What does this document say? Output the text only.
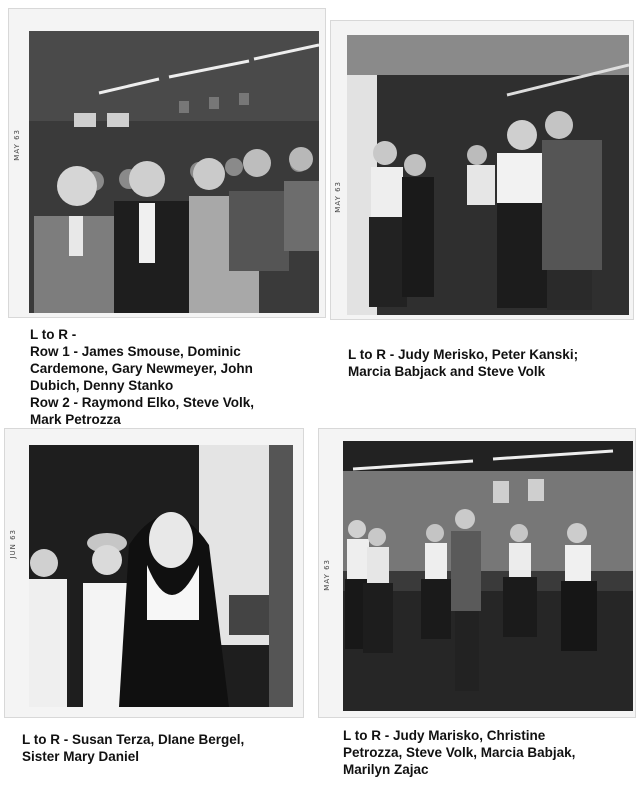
MAY 63
L to R -
Row 1 - James Smouse, Dominic
Cardemone, Gary Newmeyer, John
Dubich, Denny Stanko
Row 2 - Raymond Elko, Steve Volk,
Mark Petrozza
MAY 63
L to R - Judy Merisko, Peter Kanski;
Marcia Babjack and Steve Volk
JUN 63
L to R - Susan Terza, DIane Bergel,
Sister Mary Daniel
MAY 63
L to R - Judy Marisko, Christine
Petrozza, Steve Volk, Marcia Babjak,
Marilyn Zajac
